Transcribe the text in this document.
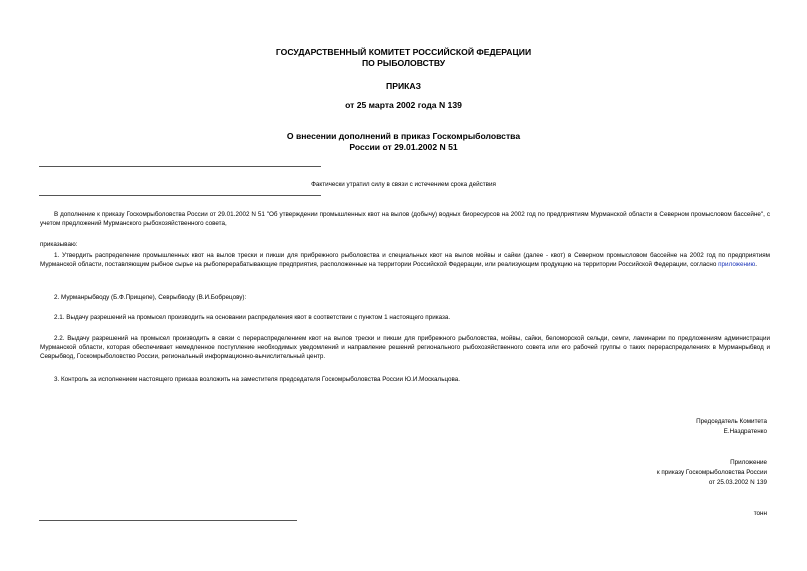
ГОСУДАРСТВЕННЫЙ КОМИТЕТ РОССИЙСКОЙ ФЕДЕРАЦИИ
ПО РЫБОЛОВСТВУ
ПРИКАЗ
от 25 марта 2002 года N 139
О внесении дополнений в приказ Госкомрыболовства
России от 29.01.2002 N 51
Фактически утратил силу в связи с истечением срока действия
В дополнение к приказу Госкомрыболовства России от 29.01.2002 N 51 "Об утверждении промышленных квот на вылов (добычу) водных биоресурсов на 2002 год по предприятиям Мурманской области в Северном промысловом бассейне", с учетом предложений Мурманского рыбохозяйственного совета,
приказываю:
1. Утвердить распределение промышленных квот на вылов трески и пикши для прибрежного рыболовства и специальных квот на вылов мойвы и сайки (далее - квот) в Северном промысловом бассейне на 2002 год по предприятиям Мурманской области, поставляющим рыбное сырье на рыбоперерабатывающие предприятия, расположенные на территории Российской Федерации, или реализующим продукцию на территории Российской Федерации, согласно приложению.
2. Мурманрыбводу (Б.Ф.Прищепе), Севрыбводу (В.И.Бобрецову):
2.1. Выдачу разрешений на промысел производить на основании распределения квот в соответствии с пунктом 1 настоящего приказа.
2.2. Выдачу разрешений на промысел производить в связи с перераспределением квот на вылов трески и пикши для прибрежного рыболовства, мойвы, сайки, беломорской сельди, семги, ламинарии по предложениям администрации Мурманской области, которая обеспечивает немедленное поступление необходимых уведомлений и направление решений регионального рыбохозяйственного совета или его рабочей группы о таких перераспределениях в Мурманрыбвод и Севрыбвод, Госкомрыболовство России, региональный информационно-вычислительный центр.
3. Контроль за исполнением настоящего приказа возложить на заместителя председателя Госкомрыболовства России Ю.И.Москальцова.
Председатель Комитета
Е.Наздратенко
Приложение
к приказу Госкомрыболовства России
от 25.03.2002 N 139
тонн
